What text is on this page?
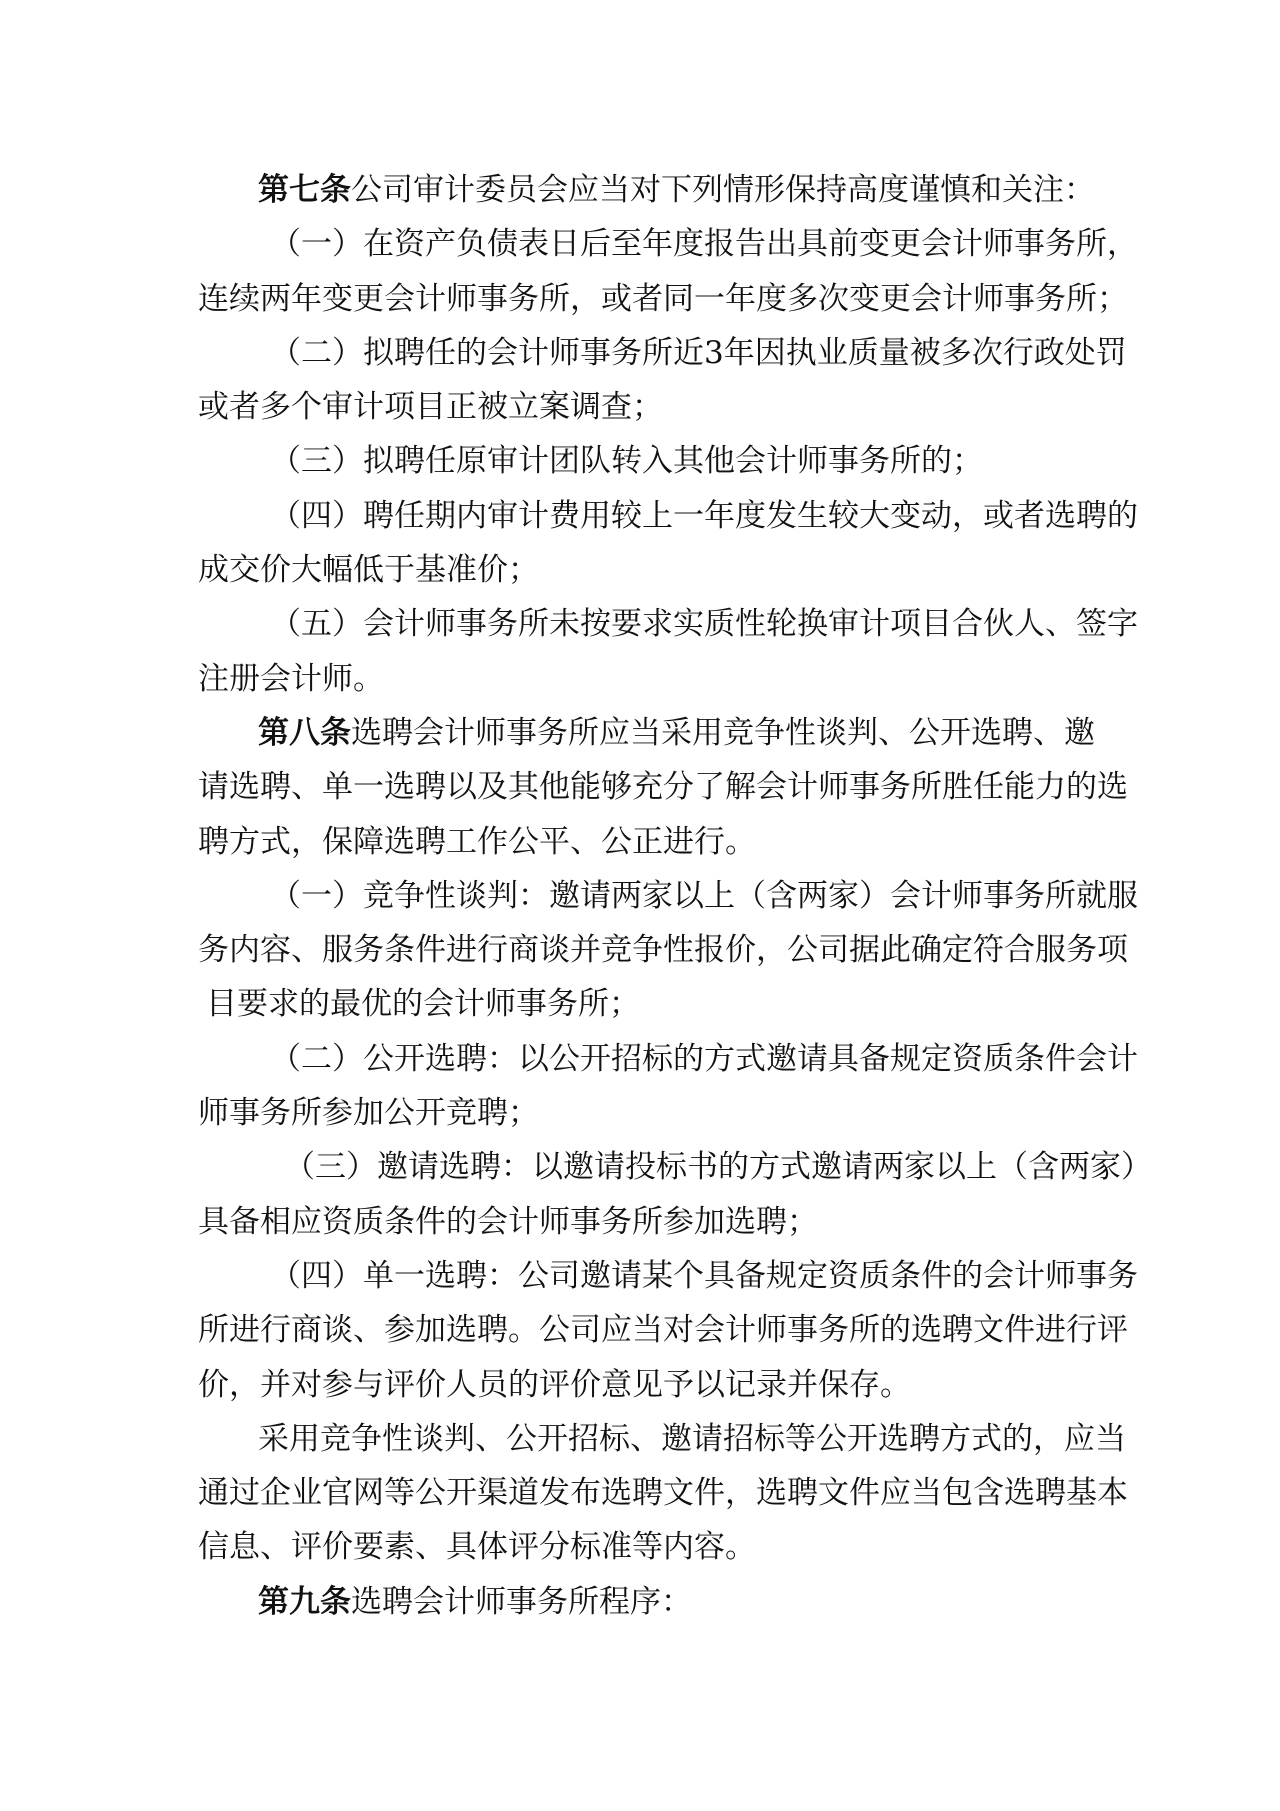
第七条公司审计委员会应当对下列情形保持高度谨慎和关注：
（一）在资产负债表日后至年度报告出具前变更会计师事务所，
连续两年变更会计师事务所，或者同一年度多次变更会计师事务所；
（二）拟聘任的会计师事务所近3年因执业质量被多次行政处罚
或者多个审计项目正被立案调查；
（三）拟聘任原审计团队转入其他会计师事务所的；
（四）聘任期内审计费用较上一年度发生较大变动，或者选聘的
成交价大幅低于基准价；
（五）会计师事务所未按要求实质性轮换审计项目合伙人、签字
注册会计师。
第八条选聘会计师事务所应当采用竞争性谈判、公开选聘、邀
请选聘、单一选聘以及其他能够充分了解会计师事务所胜任能力的选
聘方式，保障选聘工作公平、公正进行。
（一）竞争性谈判：邀请两家以上（含两家）会计师事务所就服
务内容、服务条件进行商谈并竞争性报价，公司据此确定符合服务项
目要求的最优的会计师事务所；
（二）公开选聘：以公开招标的方式邀请具备规定资质条件会计
师事务所参加公开竞聘；
（三）邀请选聘：以邀请投标书的方式邀请两家以上（含两家）
具备相应资质条件的会计师事务所参加选聘；
（四）单一选聘：公司邀请某个具备规定资质条件的会计师事务
所进行商谈、参加选聘。公司应当对会计师事务所的选聘文件进行评
价，并对参与评价人员的评价意见予以记录并保存。
采用竞争性谈判、公开招标、邀请招标等公开选聘方式的，应当
通过企业官网等公开渠道发布选聘文件，选聘文件应当包含选聘基本
信息、评价要素、具体评分标准等内容。
第九条选聘会计师事务所程序：
